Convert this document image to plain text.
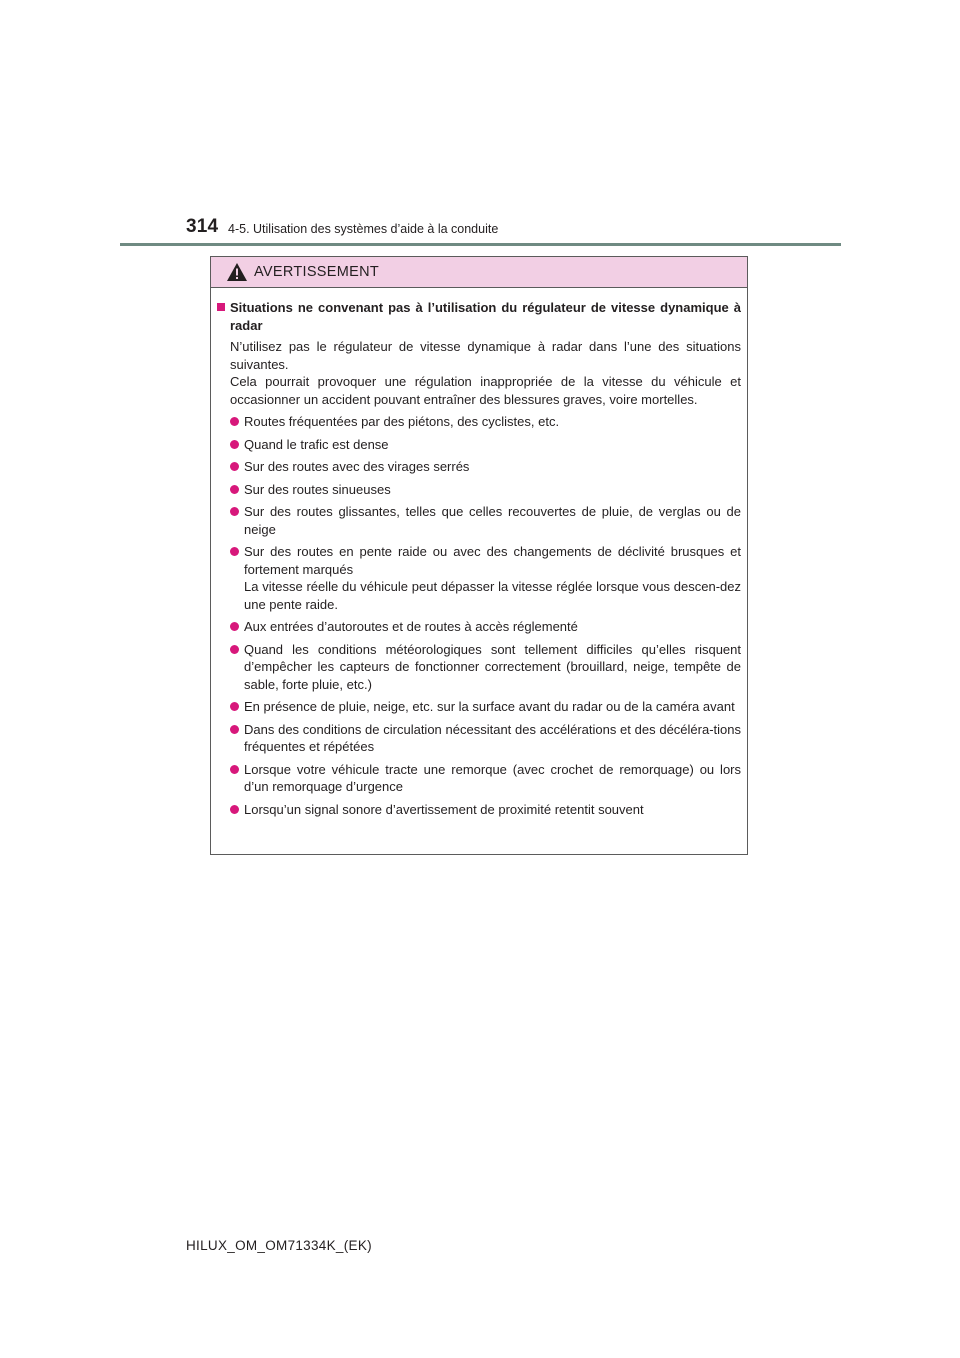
314 4-5. Utilisation des systèmes d’aide à la conduite
AVERTISSEMENT
Situations ne convenant pas à l’utilisation du régulateur de vitesse dynamique à radar

N’utilisez pas le régulateur de vitesse dynamique à radar dans l’une des situations suivantes.

Cela pourrait provoquer une régulation inappropriée de la vitesse du véhicule et occasionner un accident pouvant entraîner des blessures graves, voire mortelles.

Routes fréquentées par des piétons, des cyclistes, etc.
Quand le trafic est dense
Sur des routes avec des virages serrés
Sur des routes sinueuses
Sur des routes glissantes, telles que celles recouvertes de pluie, de verglas ou de neige
Sur des routes en pente raide ou avec des changements de déclivité brusques et fortement marqués
La vitesse réelle du véhicule peut dépasser la vitesse réglée lorsque vous descen-dez une pente raide.
Aux entrées d’autoroutes et de routes à accès réglementé
Quand les conditions météorologiques sont tellement difficiles qu’elles risquent d’empêcher les capteurs de fonctionner correctement (brouillard, neige, tempête de sable, forte pluie, etc.)
En présence de pluie, neige, etc. sur la surface avant du radar ou de la caméra avant
Dans des conditions de circulation nécessitant des accélérations et des décéléra-tions fréquentes et répétées
Lorsque votre véhicule tracte une remorque (avec crochet de remorquage) ou lors d’un remorquage d’urgence
Lorsqu’un signal sonore d’avertissement de proximité retentit souvent
HILUX_OM_OM71334K_(EK)
